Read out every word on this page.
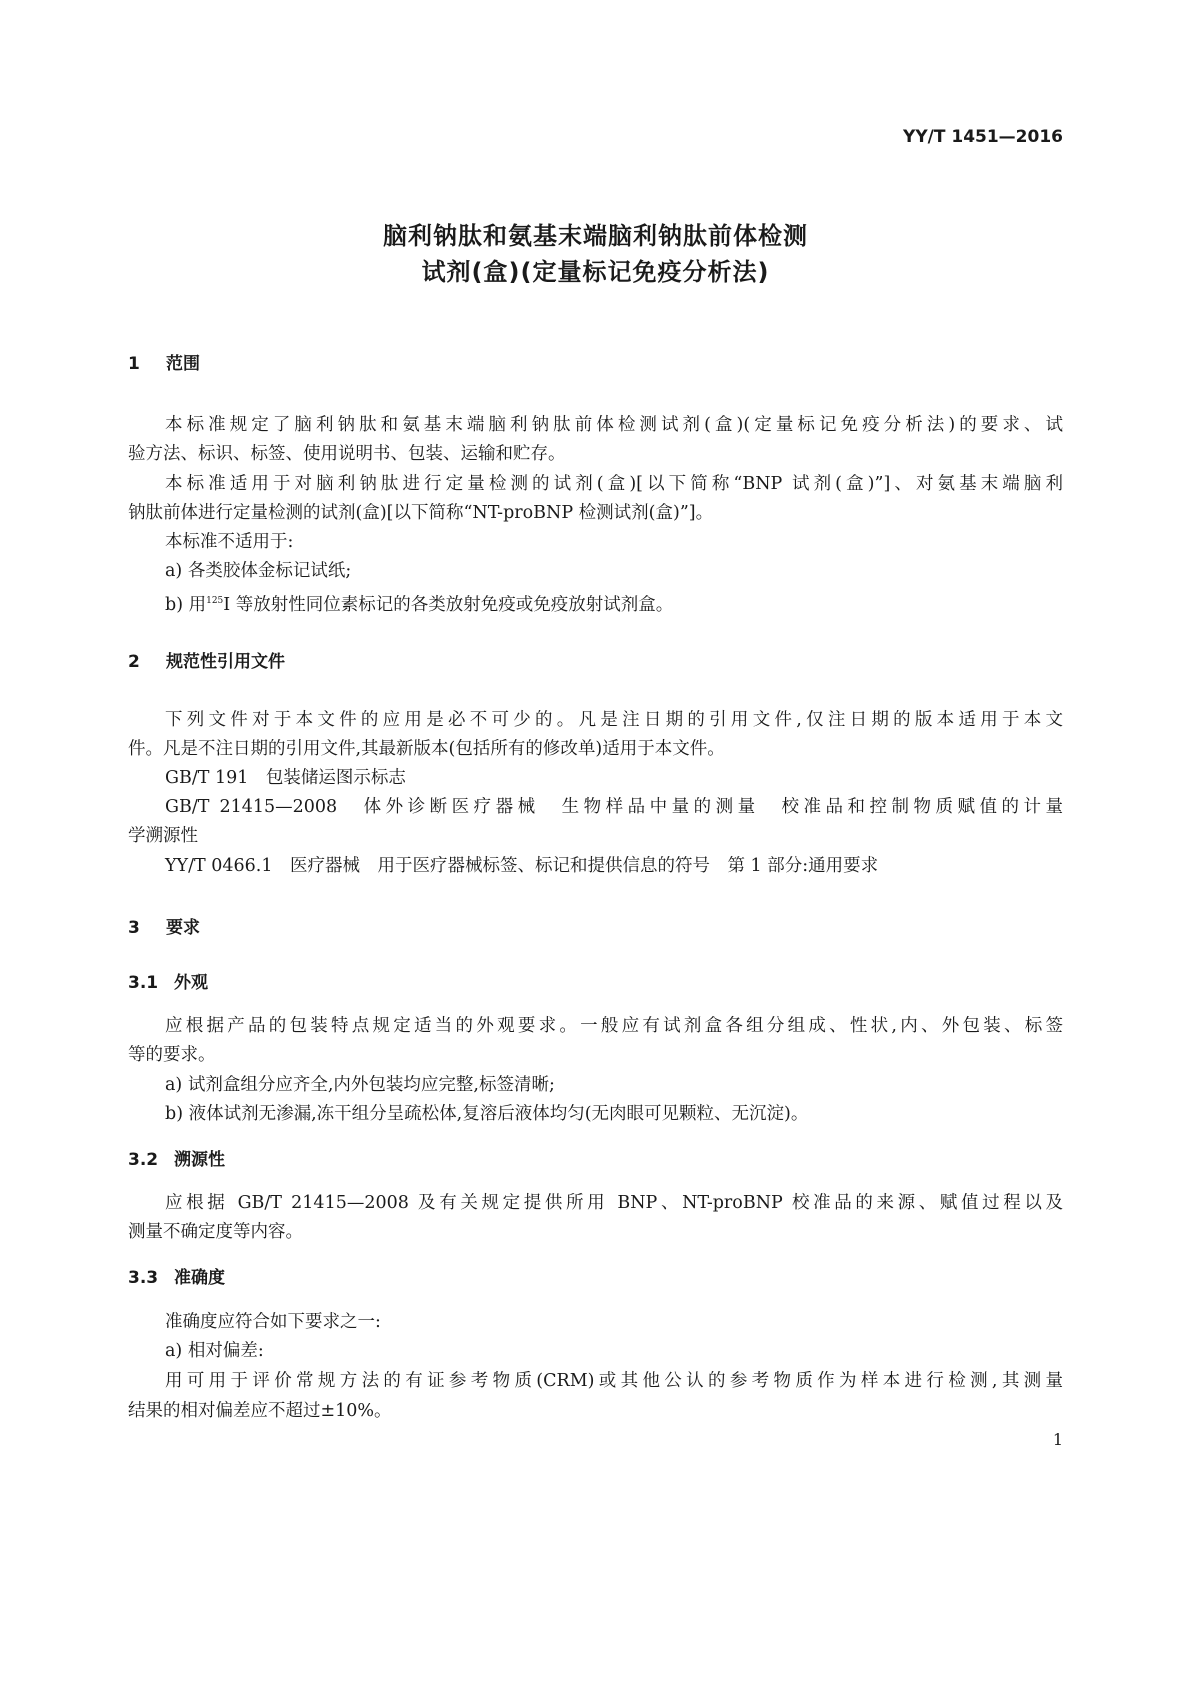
YY/T 1451—2016
脑利钠肽和氨基末端脑利钠肽前体检测
试剂(盒)(定量标记免疫分析法)
1 范围
本标准规定了脑利钠肽和氨基末端脑利钠肽前体检测试剂(盒)(定量标记免疫分析法)的要求、试
验方法、标识、标签、使用说明书、包装、运输和贮存。
本标准适用于对脑利钠肽进行定量检测的试剂(盒)[以下简称“BNP 试剂(盒)”]、对氨基末端脑利
钠肽前体进行定量检测的试剂(盒)[以下简称“NT-proBNP 检测试剂(盒)”]。
本标准不适用于:
a) 各类胶体金标记试纸;
b) 用$^{125}$I 等放射性同位素标记的各类放射免疫或免疫放射试剂盒。
2 规范性引用文件
下列文件对于本文件的应用是必不可少的。凡是注日期的引用文件,仅注日期的版本适用于本文
件。凡是不注日期的引用文件,其最新版本(包括所有的修改单)适用于本文件。
GB/T 191　包装储运图示标志
GB/T 21415—2008　体外诊断医疗器械　生物样品中量的测量　校准品和控制物质赋值的计量
学溯源性
YY/T 0466.1　医疗器械　用于医疗器械标签、标记和提供信息的符号　第 1 部分:通用要求
3 要求
3.1 外观
应根据产品的包装特点规定适当的外观要求。一般应有试剂盒各组分组成、性状,内、外包装、标签
等的要求。
a) 试剂盒组分应齐全,内外包装均应完整,标签清晰;
b) 液体试剂无渗漏,冻干组分呈疏松体,复溶后液体均匀(无肉眼可见颗粒、无沉淀)。
3.2 溯源性
应根据 GB/T 21415—2008 及有关规定提供所用 BNP、NT-proBNP 校准品的来源、赋值过程以及
测量不确定度等内容。
3.3 准确度
准确度应符合如下要求之一:
a) 相对偏差:
用可用于评价常规方法的有证参考物质(CRM)或其他公认的参考物质作为样本进行检测,其测量
结果的相对偏差应不超过±10%。
1
